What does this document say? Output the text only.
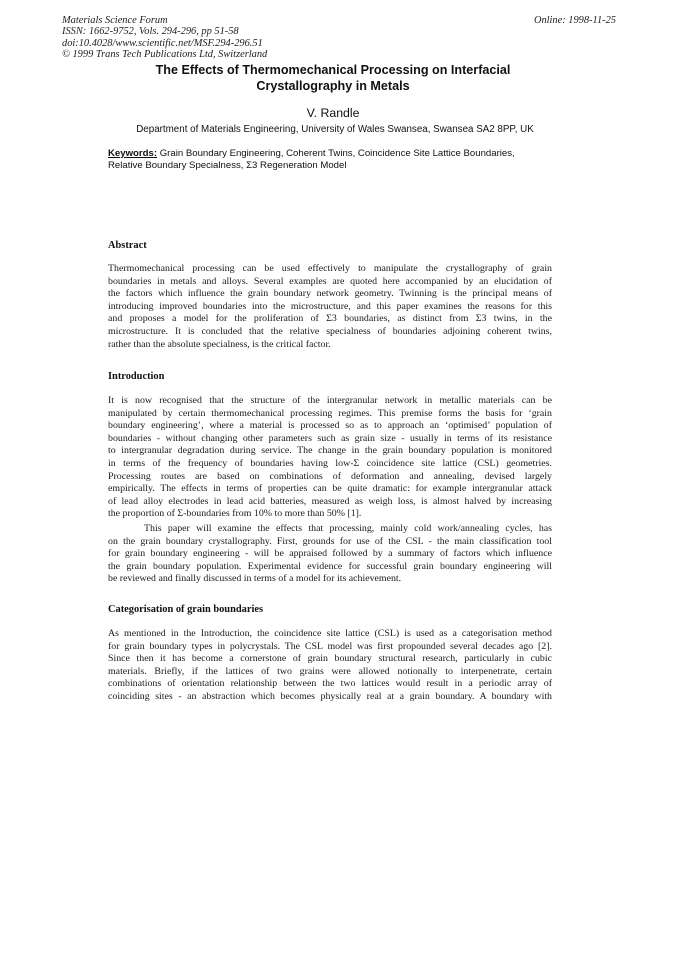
Materials Science Forum
ISSN: 1662-9752, Vols. 294-296, pp 51-58
doi:10.4028/www.scientific.net/MSF.294-296.51
© 1999 Trans Tech Publications Ltd, Switzerland
Online: 1998-11-25
The Effects of Thermomechanical Processing on Interfacial
Crystallography in Metals
V. Randle
Department of Materials Engineering, University of Wales Swansea, Swansea SA2 8PP, UK
Keywords: Grain Boundary Engineering, Coherent Twins, Coincidence Site Lattice Boundaries,
Relative Boundary Specialness, Σ3 Regeneration Model
Abstract
Thermomechanical processing can be used effectively to manipulate the crystallography of grain
boundaries in metals and alloys. Several examples are quoted here accompanied by an elucidation of
the factors which influence the grain boundary network geometry. Twinning is the principal means of
introducing improved boundaries into the microstructure, and this paper examines the reasons for this
and proposes a model for the proliferation of Σ3 boundaries, as distinct from Σ3 twins, in the
microstructure. It is concluded that the relative specialness of boundaries adjoining coherent twins,
rather than the absolute specialness, is the critical factor.
Introduction
It is now recognised that the structure of the intergranular network in metallic materials can be
manipulated by certain thermomechanical processing regimes. This premise forms the basis for ‘grain
boundary engineering’, where a material is processed so as to approach an ‘optimised’ population of
boundaries - without changing other parameters such as grain size - usually in terms of its resistance
to intergranular degradation during service. The change in the grain boundary population is monitored
in terms of the frequency of boundaries having low-Σ coincidence site lattice (CSL) geometries.
Processing routes are based on combinations of deformation and annealing, devised largely
empirically. The effects in terms of properties can be quite dramatic: for example intergranular attack
of lead alloy electrodes in lead acid batteries, measured as weigh loss, is almost halved by increasing
the proportion of Σ-boundaries from 10% to more than 50% [1].
This paper will examine the effects that processing, mainly cold work/annealing cycles, has
on the grain boundary crystallography. First, grounds for use of the CSL - the main classification tool
for grain boundary engineering - will be appraised followed by a summary of factors which influence
the grain boundary population. Experimental evidence for successful grain boundary engineering will
be reviewed and finally discussed in terms of a model for its achievement.
Categorisation of grain boundaries
As mentioned in the Introduction, the coincidence site lattice (CSL) is used as a categorisation method
for grain boundary types in polycrystals. The CSL model was first propounded several decades ago [2].
Since then it has become a cornerstone of grain boundary structural research, particularly in cubic
materials. Briefly, if the lattices of two grains were allowed notionally to interpenetrate, certain
combinations of orientation relationship between the two lattices would result in a periodic array of
coinciding sites - an abstraction which becomes physically real at a grain boundary. A boundary with
